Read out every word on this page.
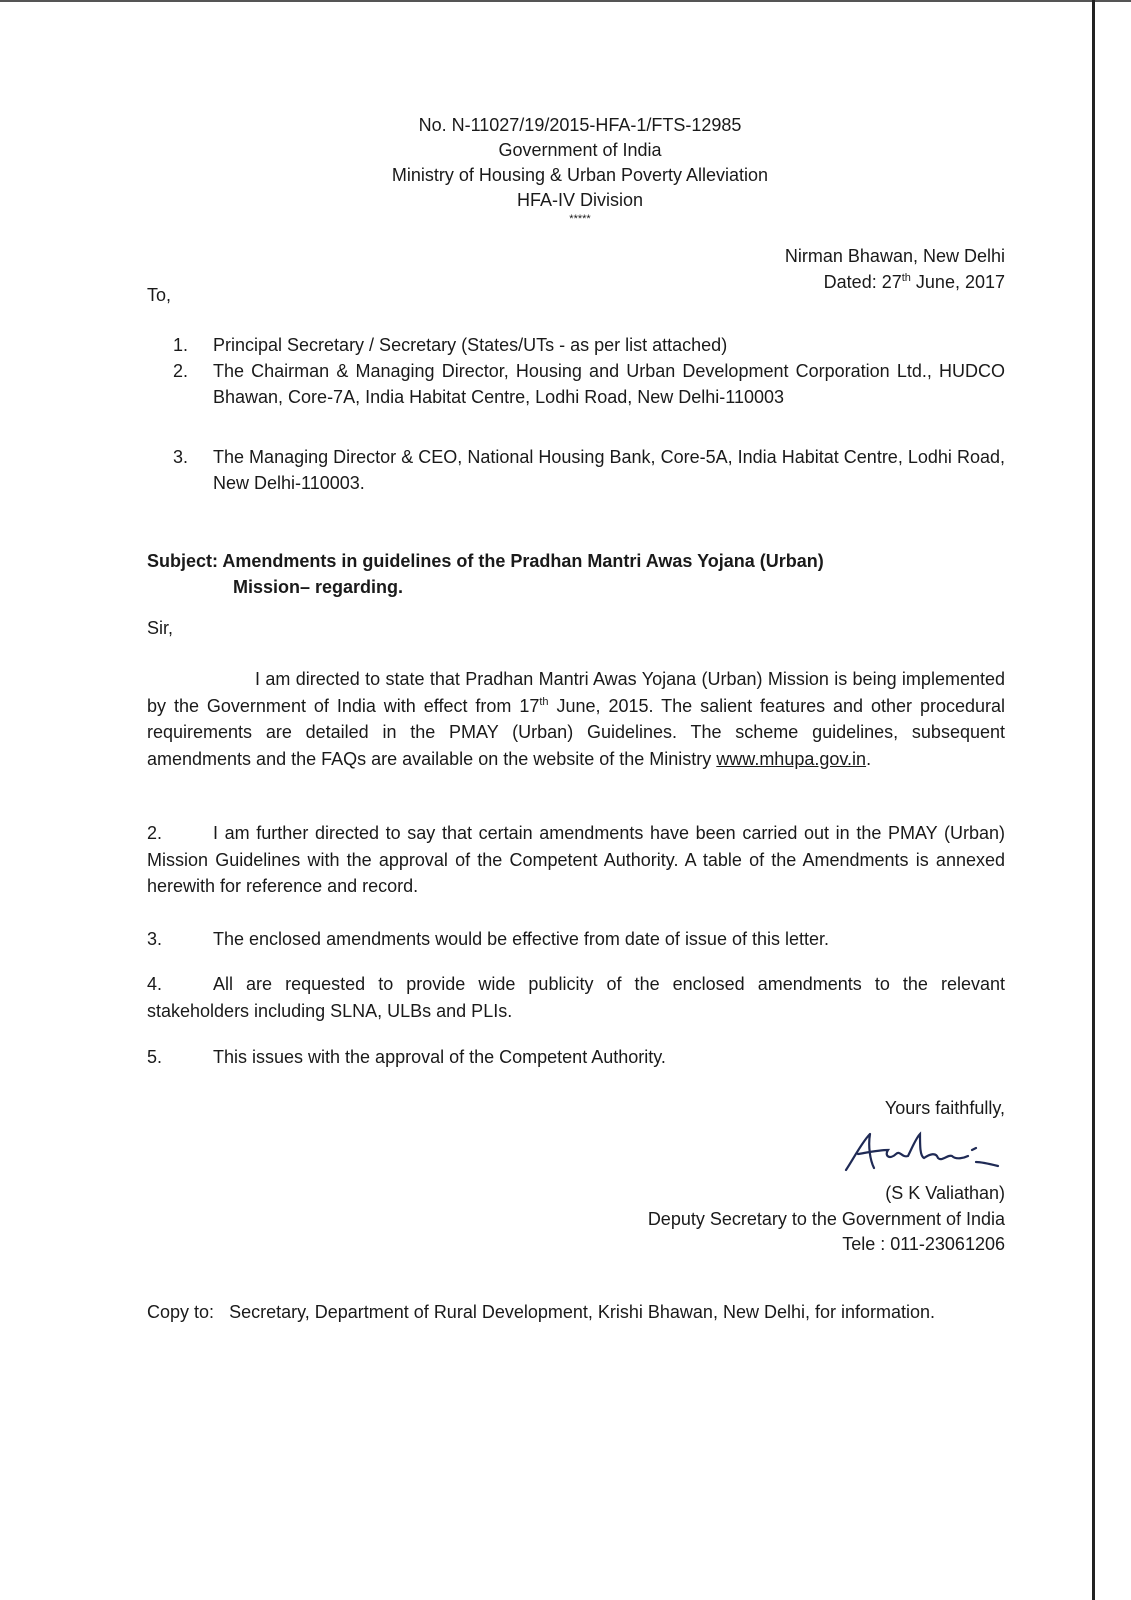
No. N-11027/19/2015-HFA-1/FTS-12985
Government of India
Ministry of Housing & Urban Poverty Alleviation
HFA-IV Division
*****
Nirman Bhawan, New Delhi
Dated: 27th June, 2017
To,
1. Principal Secretary / Secretary (States/UTs - as per list attached)
2. The Chairman & Managing Director, Housing and Urban Development Corporation Ltd., HUDCO Bhawan, Core-7A, India Habitat Centre, Lodhi Road, New Delhi-110003
3. The Managing Director & CEO, National Housing Bank, Core-5A, India Habitat Centre, Lodhi Road, New Delhi-110003.
Subject: Amendments in guidelines of the Pradhan Mantri Awas Yojana (Urban)
Mission– regarding.
Sir,
I am directed to state that Pradhan Mantri Awas Yojana (Urban) Mission is being implemented by the Government of India with effect from 17th June, 2015. The salient features and other procedural requirements are detailed in the PMAY (Urban) Guidelines. The scheme guidelines, subsequent amendments and the FAQs are available on the website of the Ministry www.mhupa.gov.in.
2.	I am further directed to say that certain amendments have been carried out in the PMAY (Urban) Mission Guidelines with the approval of the Competent Authority. A table of the Amendments is annexed herewith for reference and record.
3.	The enclosed amendments would be effective from date of issue of this letter.
4.	All are requested to provide wide publicity of the enclosed amendments to the relevant stakeholders including SLNA, ULBs and PLIs.
5.	This issues with the approval of the Competent Authority.
Yours faithfully,
(S K Valiathan)
Deputy Secretary to the Government of India
Tele : 011-23061206
Copy to: Secretary, Department of Rural Development, Krishi Bhawan, New Delhi, for information.
